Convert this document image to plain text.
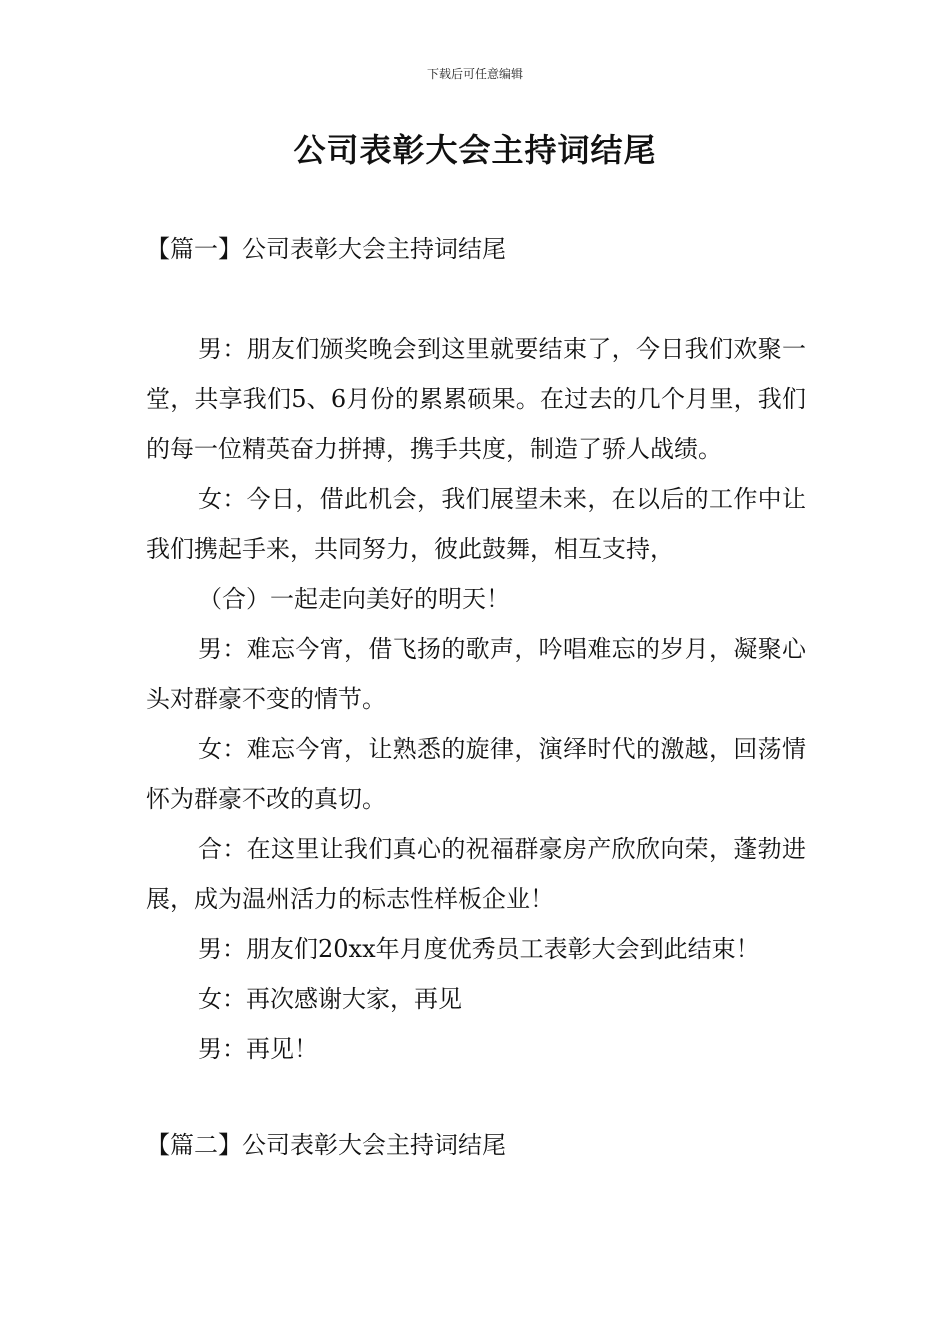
下载后可任意编辑
公司表彰大会主持词结尾
【篇一】公司表彰大会主持词结尾

男：朋友们颁奖晚会到这里就要结束了，今日我们欢聚一堂，共享我们5、6月份的累累硕果。在过去的几个月里，我们的每一位精英奋力拼搏，携手共度，制造了骄人战绩。

女：今日，借此机会，我们展望未来，在以后的工作中让我们携起手来，共同努力，彼此鼓舞，相互支持，

（合）一起走向美好的明天！

男：难忘今宵，借飞扬的歌声，吟唱难忘的岁月，凝聚心头对群豪不变的情节。

女：难忘今宵，让熟悉的旋律，演绎时代的激越，回荡情怀为群豪不改的真切。

合：在这里让我们真心的祝福群豪房产欣欣向荣，蓬勃进展，成为温州活力的标志性样板企业！

男：朋友们20xx年月度优秀员工表彰大会到此结束！

女：再次感谢大家，再见

男：再见！

【篇二】公司表彰大会主持词结尾
